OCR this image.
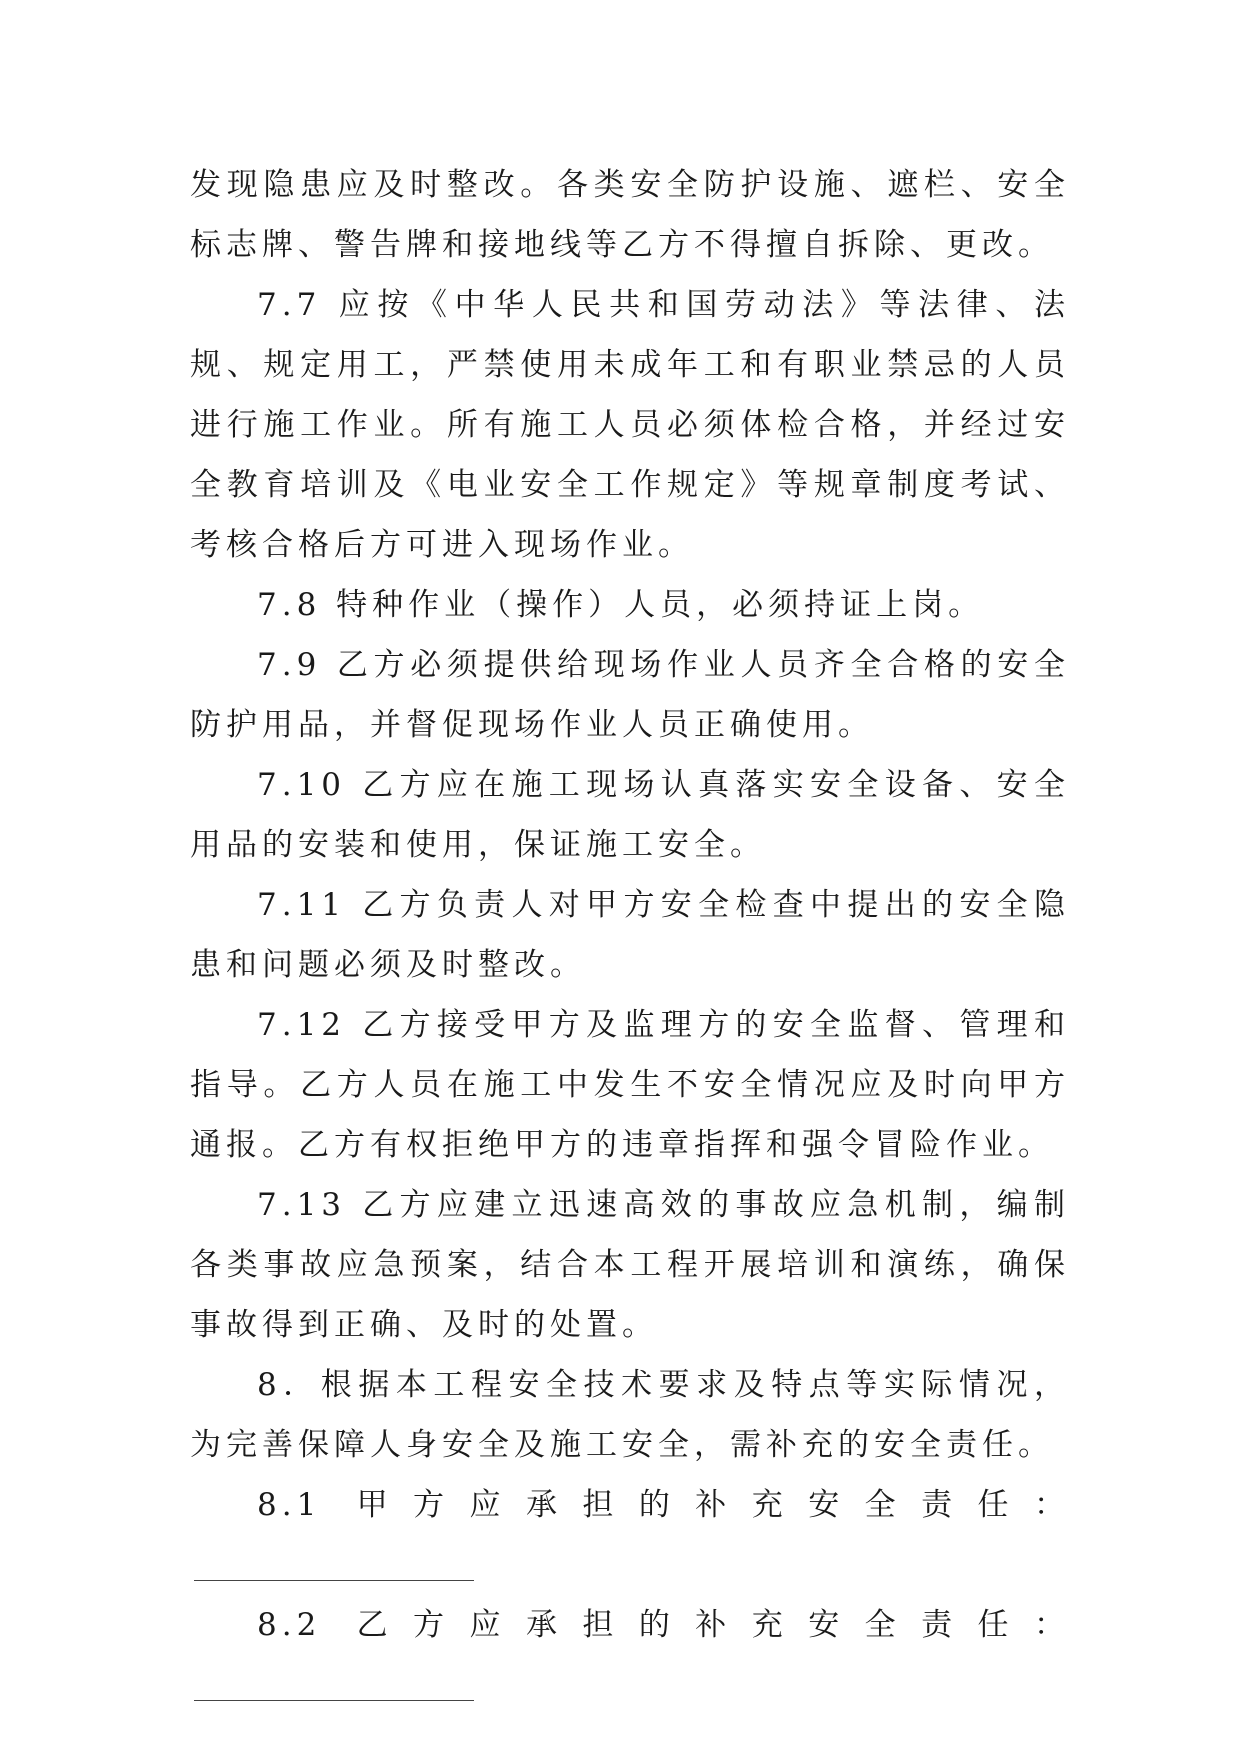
发现隐患应及时整改。各类安全防护设施、遮栏、安全标志牌、警告牌和接地线等乙方不得擅自拆除、更改。

7.7 应按《中华人民共和国劳动法》等法律、法规、规定用工，严禁使用未成年工和有职业禁忌的人员进行施工作业。所有施工人员必须体检合格，并经过安全教育培训及《电业安全工作规定》等规章制度考试、考核合格后方可进入现场作业。

7.8 特种作业（操作）人员，必须持证上岗。

7.9 乙方必须提供给现场作业人员齐全合格的安全防护用品，并督促现场作业人员正确使用。

7.10 乙方应在施工现场认真落实安全设备、安全用品的安装和使用，保证施工安全。

7.11 乙方负责人对甲方安全检查中提出的安全隐患和问题必须及时整改。

7.12 乙方接受甲方及监理方的安全监督、管理和指导。乙方人员在施工中发生不安全情况应及时向甲方通报。乙方有权拒绝甲方的违章指挥和强令冒险作业。

7.13 乙方应建立迅速高效的事故应急机制，编制各类事故应急预案，结合本工程开展培训和演练，确保事故得到正确、及时的处置。

8．根据本工程安全技术要求及特点等实际情况，为完善保障人身安全及施工安全，需补充的安全责任。

8.1 甲方应承担的补充安全责任：

8.2 乙方应承担的补充安全责任：
